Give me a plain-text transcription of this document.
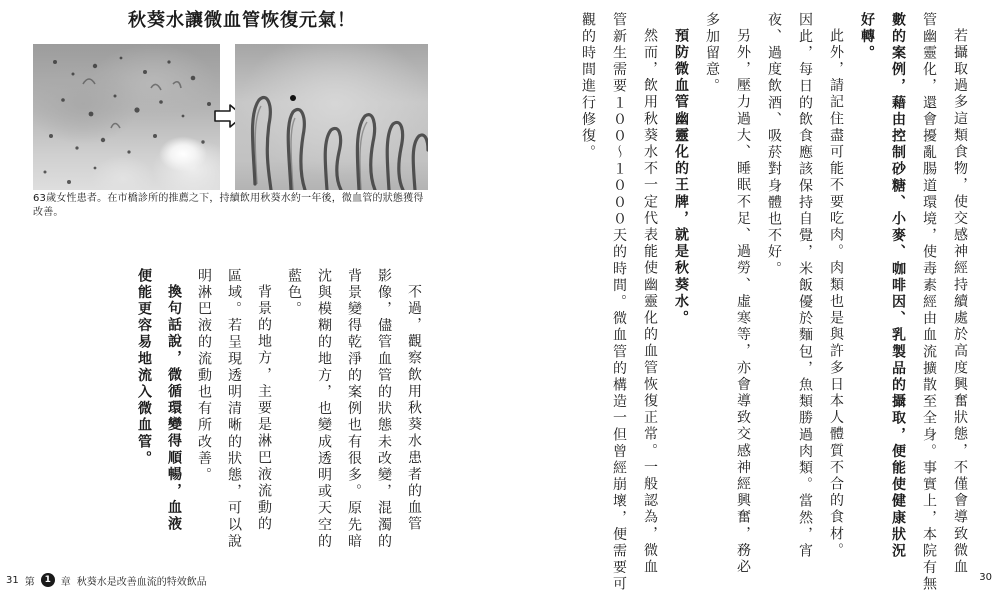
秋葵水讓微血管恢復元氣！
63歲女性患者。在市橋診所的推薦之下，持續飲用秋葵水約一年後，微血管的狀態獲得改善。
不過，觀察飲用秋葵水患者的血管
影像，儘管血管的狀態未改變，混濁的
背景變得乾淨的案例也有很多。原先暗
沈與模糊的地方，也變成透明或天空的
藍色。
背景的地方，主要是淋巴液流動的
區域。若呈現透明清晰的狀態，可以說
明淋巴液的流動也有所改善。
換句話說，微循環變得順暢，血液
便能更容易地流入微血管。
31 第	1 章 秋葵水是改善血流的特效飲品
若攝取過多這類食物，使交感神經持續處於高度興奮狀態，不僅會導致微血
管幽靈化，還會擾亂腸道環境，使毒素經由血流擴散至全身。事實上，本院有無
數的案例，藉由控制砂糖、小麥、咖啡因、乳製品的攝取，便能使健康狀況
好轉。
此外，請記住盡可能不要吃肉。肉類也是與許多日本人體質不合的食材。
因此，每日的飲食應該保持自覺，米飯優於麵包，魚類勝過肉類。當然，宵
夜、過度飲酒、吸菸對身體也不好。
另外，壓力過大、睡眠不足、過勞、虛寒等，亦會導致交感神經興奮，務必
多加留意。
預防微血管幽靈化的王牌，就是秋葵水。
然而，飲用秋葵水不一定代表能使幽靈化的血管恢復正常。一般認為，微血
管新生需要１００～１０００天的時間。微血管的構造一但曾經崩壞，便需要可
觀的時間進行修復。
30
